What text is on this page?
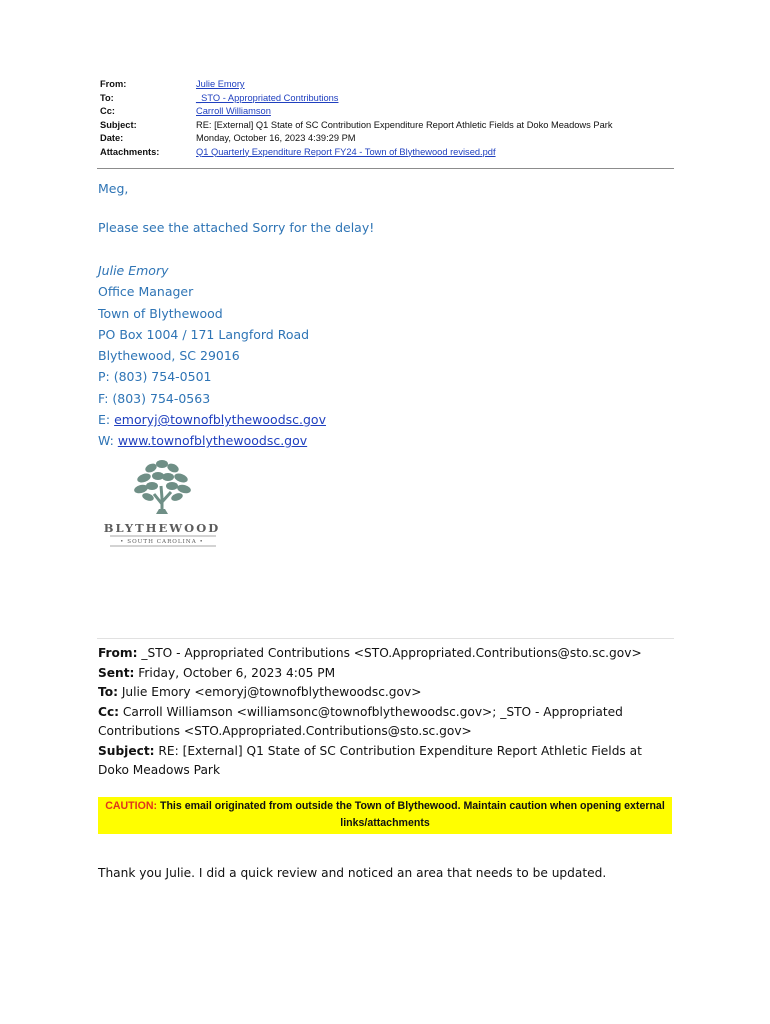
From:	Julie Emory
To:	_STO - Appropriated Contributions
Cc:	Carroll Williamson
Subject:	RE: [External] Q1 State of SC Contribution Expenditure Report Athletic Fields at Doko Meadows Park
Date:	Monday, October 16, 2023 4:39:29 PM
Attachments:	Q1 Quarterly Expenditure Report FY24 - Town of Blythewood revised.pdf
Meg,
Please see the attached Sorry for the delay!
Julie Emory
Office Manager
Town of Blythewood
PO Box 1004 / 171 Langford Road
Blythewood, SC 29016
P: (803) 754-0501
F: (803) 754-0563
E: emoryj@townofblythewoodsc.gov
W: www.townofblythewoodsc.gov
BLYTHEWOOD
• SOUTH CAROLINA •
From: _STO - Appropriated Contributions <STO.Appropriated.Contributions@sto.sc.gov>
Sent: Friday, October 6, 2023 4:05 PM
To: Julie Emory <emoryj@townofblythewoodsc.gov>
Cc: Carroll Williamson <williamsonc@townofblythewoodsc.gov>; _STO - Appropriated Contributions <STO.Appropriated.Contributions@sto.sc.gov>
Subject: RE: [External] Q1 State of SC Contribution Expenditure Report Athletic Fields at Doko Meadows Park
CAUTION: This email originated from outside the Town of Blythewood. Maintain caution when opening external links/attachments
Thank you Julie. I did a quick review and noticed an area that needs to be updated.
